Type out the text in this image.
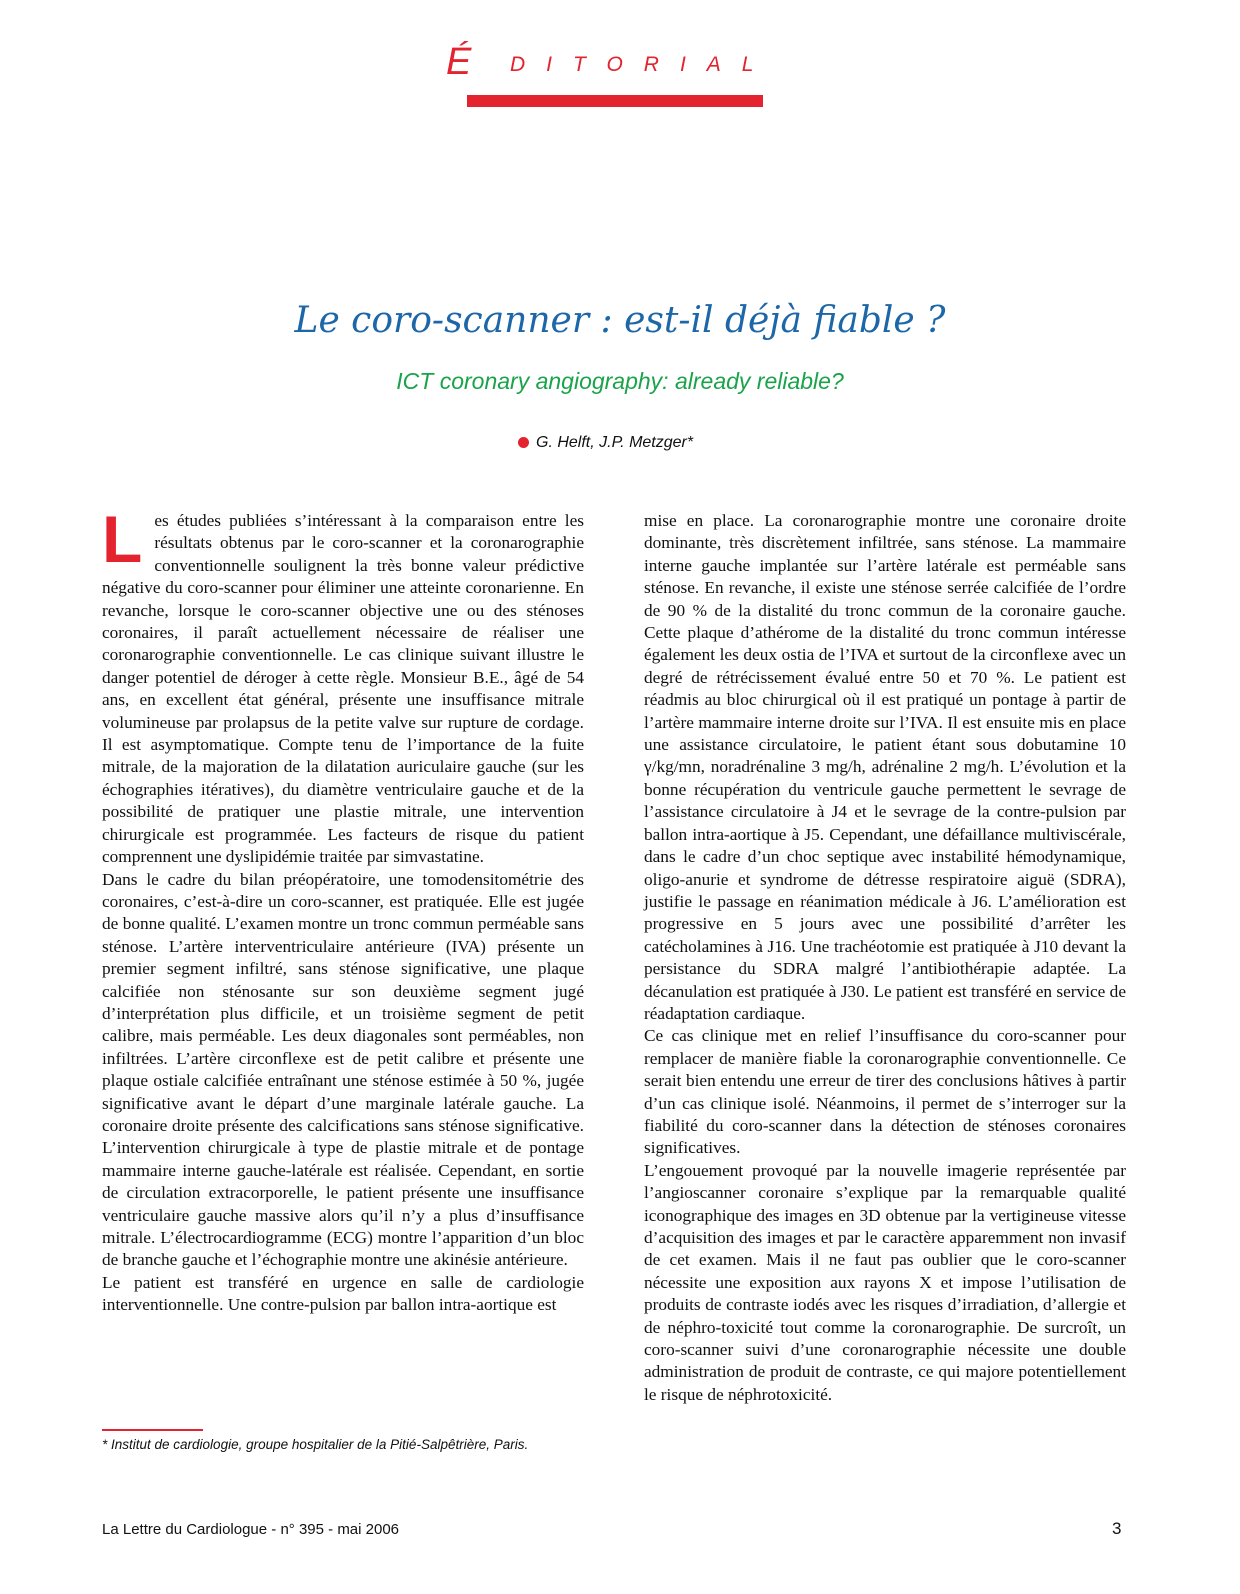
É DITORIAL
Le coro-scanner : est-il déjà fiable ?
ICT coronary angiography: already reliable?
G. Helft, J.P. Metzger*
L es études publiées s’intéressant à la comparaison entre les résultats obtenus par le coro-scanner et la coronarographie conventionnelle soulignent la très bonne valeur prédictive négative du coro-scanner pour éliminer une atteinte coronarienne. En revanche, lorsque le coro-scanner objective une ou des sténoses coronaires, il paraît actuellement nécessaire de réaliser une coronarographie conventionnelle. Le cas clinique suivant illustre le danger potentiel de déroger à cette règle. Monsieur B.E., âgé de 54 ans, en excellent état général, présente une insuffisance mitrale volumineuse par prolapsus de la petite valve sur rupture de cordage. Il est asymptomatique. Compte tenu de l’importance de la fuite mitrale, de la majoration de la dilatation auriculaire gauche (sur les échographies itératives), du diamètre ventriculaire gauche et de la possibilité de pratiquer une plastie mitrale, une intervention chirurgicale est programmée. Les facteurs de risque du patient comprennent une dyslipidémie traitée par simvastatine.

Dans le cadre du bilan préopératoire, une tomodensitométrie des coronaires, c’est-à-dire un coro-scanner, est pratiquée. Elle est jugée de bonne qualité. L’examen montre un tronc commun perméable sans sténose. L’artère interventriculaire antérieure (IVA) présente un premier segment infiltré, sans sténose significative, une plaque calcifiée non sténosante sur son deuxième segment jugé d’interprétation plus difficile, et un troisième segment de petit calibre, mais perméable. Les deux diagonales sont perméables, non infiltrées. L’artère circonflexe est de petit calibre et présente une plaque ostiale calcifiée entraînant une sténose estimée à 50 %, jugée significative avant le départ d’une marginale latérale gauche. La coronaire droite présente des calcifications sans sténose significative. L’intervention chirurgicale à type de plastie mitrale et de pontage mammaire interne gauche-latérale est réalisée. Cependant, en sortie de circulation extracorporelle, le patient présente une insuffisance ventriculaire gauche massive alors qu’il n’y a plus d’insuffisance mitrale. L’électrocardiogramme (ECG) montre l’apparition d’un bloc de branche gauche et l’échographie montre une akinésie antérieure.

Le patient est transféré en urgence en salle de cardiologie interventionnelle. Une contre-pulsion par ballon intra-aortique est

mise en place. La coronarographie montre une coronaire droite dominante, très discrètement infiltrée, sans sténose. La mammaire interne gauche implantée sur l’artère latérale est perméable sans sténose. En revanche, il existe une sténose serrée calcifiée de l’ordre de 90 % de la distalité du tronc commun de la coronaire gauche. Cette plaque d’athérome de la distalité du tronc commun intéresse également les deux ostia de l’IVA et surtout de la circonflexe avec un degré de rétrécissement évalué entre 50 et 70 %. Le patient est réadmis au bloc chirurgical où il est pratiqué un pontage à partir de l’artère mammaire interne droite sur l’IVA. Il est ensuite mis en place une assistance circulatoire, le patient étant sous dobutamine 10 γ/kg/mn, noradrénaline 3 mg/h, adrénaline 2 mg/h. L’évolution et la bonne récupération du ventricule gauche permettent le sevrage de l’assistance circulatoire à J4 et le sevrage de la contre-pulsion par ballon intra-aortique à J5. Cependant, une défaillance multiviscérale, dans le cadre d’un choc septique avec instabilité hémodynamique, oligo-anurie et syndrome de détresse respiratoire aiguë (SDRA), justifie le passage en réanimation médicale à J6. L’amélioration est progressive en 5 jours avec une possibilité d’arrêter les catécholamines à J16. Une trachéotomie est pratiquée à J10 devant la persistance du SDRA malgré l’antibiothérapie adaptée. La décanulation est pratiquée à J30. Le patient est transféré en service de réadaptation cardiaque.

Ce cas clinique met en relief l’insuffisance du coro-scanner pour remplacer de manière fiable la coronarographie conventionnelle. Ce serait bien entendu une erreur de tirer des conclusions hâtives à partir d’un cas clinique isolé. Néanmoins, il permet de s’interroger sur la fiabilité du coro-scanner dans la détection de sténoses coronaires significatives.

L’engouement provoqué par la nouvelle imagerie représentée par l’angioscanner coronaire s’explique par la remarquable qualité iconographique des images en 3D obtenue par la vertigineuse vitesse d’acquisition des images et par le caractère apparemment non invasif de cet examen. Mais il ne faut pas oublier que le coro-scanner nécessite une exposition aux rayons X et impose l’utilisation de produits de contraste iodés avec les risques d’irradiation, d’allergie et de néphro-toxicité tout comme la coronarographie. De surcroît, un coro-scanner suivi d’une coronarographie nécessite une double administration de produit de contraste, ce qui majore potentiellement le risque de néphrotoxicité.

* Institut de cardiologie, groupe hospitalier de la Pitié-Salpêtrière, Paris.
La Lettre du Cardiologue - n° 395 - mai 2006	3
